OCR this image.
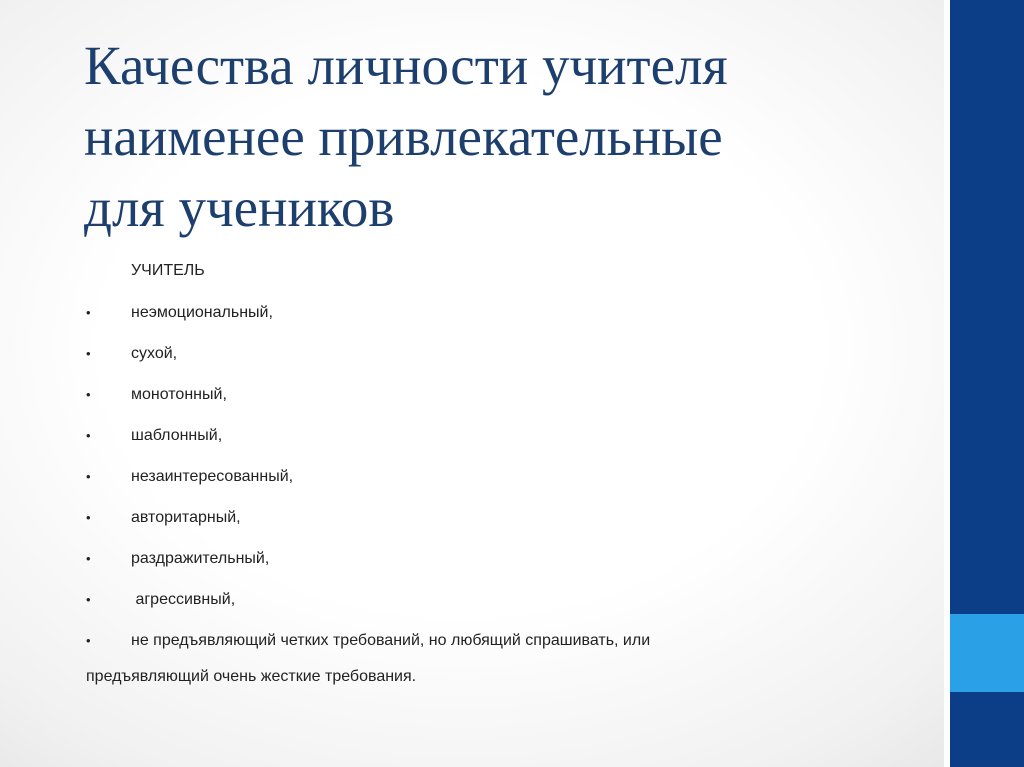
Качества личности учителя
наименее привлекательные
для учеников
УЧИТЕЛЬ
•	неэмоциональный,
•	сухой,
•	монотонный,
•	шаблонный,
•	незаинтересованный,
•	авторитарный,
•	раздражительный,
•	агрессивный,
•	не предъявляющий четких требований, но любящий спрашивать, или
предъявляющий очень жесткие требования.
